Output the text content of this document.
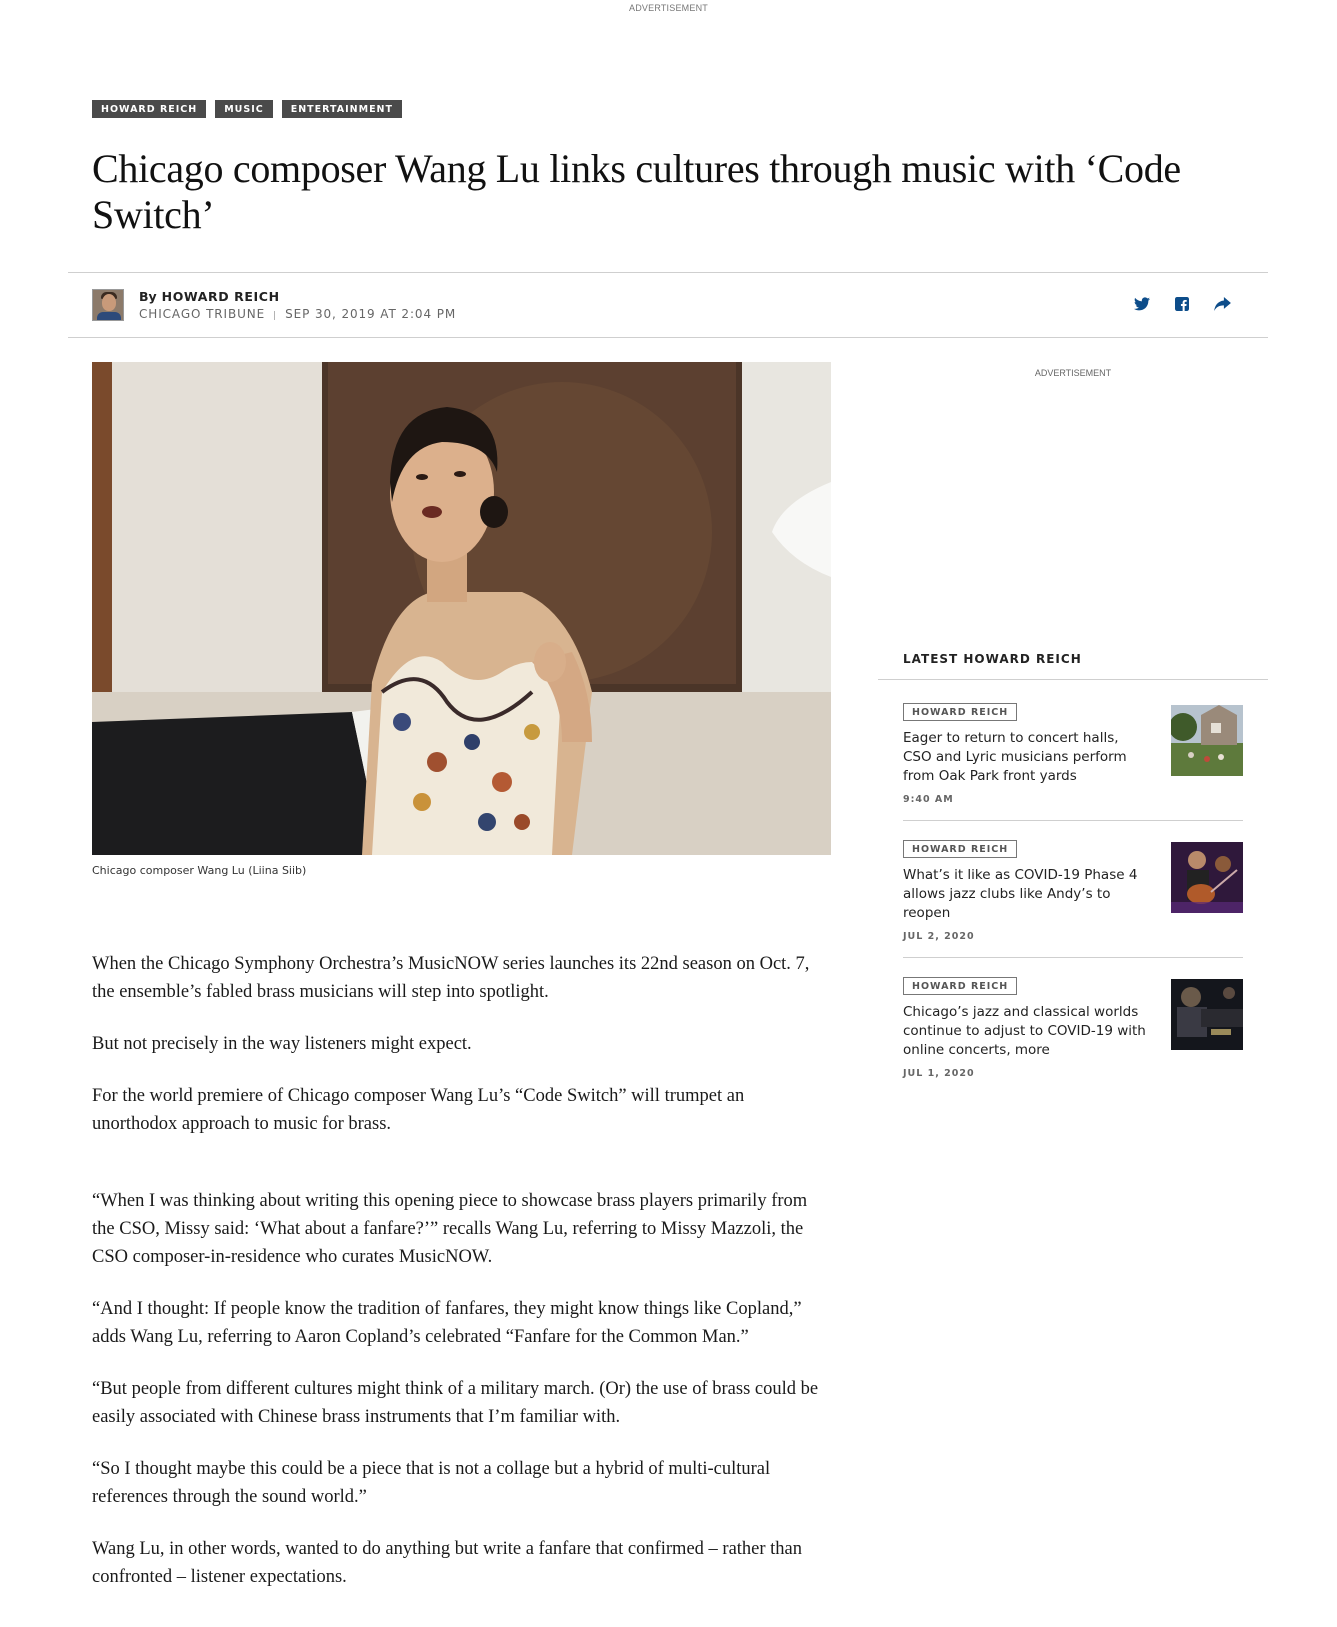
ADVERTISEMENT
HOWARD REICH	MUSIC	ENTERTAINMENT
Chicago composer Wang Lu links cultures through music with ‘Code Switch’
By HOWARD REICH
CHICAGO TRIBUNE | SEP 30, 2019 AT 2:04 PM
Chicago composer Wang Lu (Liina Siib)

When the Chicago Symphony Orchestra’s MusicNOW series launches its 22nd season on Oct. 7, the ensemble’s fabled brass musicians will step into spotlight.

But not precisely in the way listeners might expect.

For the world premiere of Chicago composer Wang Lu’s “Code Switch” will trumpet an unorthodox approach to music for brass.

“When I was thinking about writing this opening piece to showcase brass players primarily from the CSO, Missy said: ‘What about a fanfare?’” recalls Wang Lu, referring to Missy Mazzoli, the CSO composer-in-residence who curates MusicNOW.

“And I thought: If people know the tradition of fanfares, they might know things like Copland,” adds Wang Lu, referring to Aaron Copland’s celebrated “Fanfare for the Common Man.”

“But people from different cultures might think of a military march. (Or) the use of brass could be easily associated with Chinese brass instruments that I’m familiar with.

“So I thought maybe this could be a piece that is not a collage but a hybrid of multi-cultural references through the sound world.”

Wang Lu, in other words, wanted to do anything but write a fanfare that confirmed – rather than confronted – listener expectations.

ADVERTISEMENT
LATEST HOWARD REICH
HOWARD REICH
Eager to return to concert halls, CSO and Lyric musicians perform from Oak Park front yards
9:40 AM
HOWARD REICH
What’s it like as COVID-19 Phase 4 allows jazz clubs like Andy’s to reopen
JUL 2, 2020
HOWARD REICH
Chicago’s jazz and classical worlds continue to adjust to COVID-19 with online concerts, more
JUL 1, 2020
